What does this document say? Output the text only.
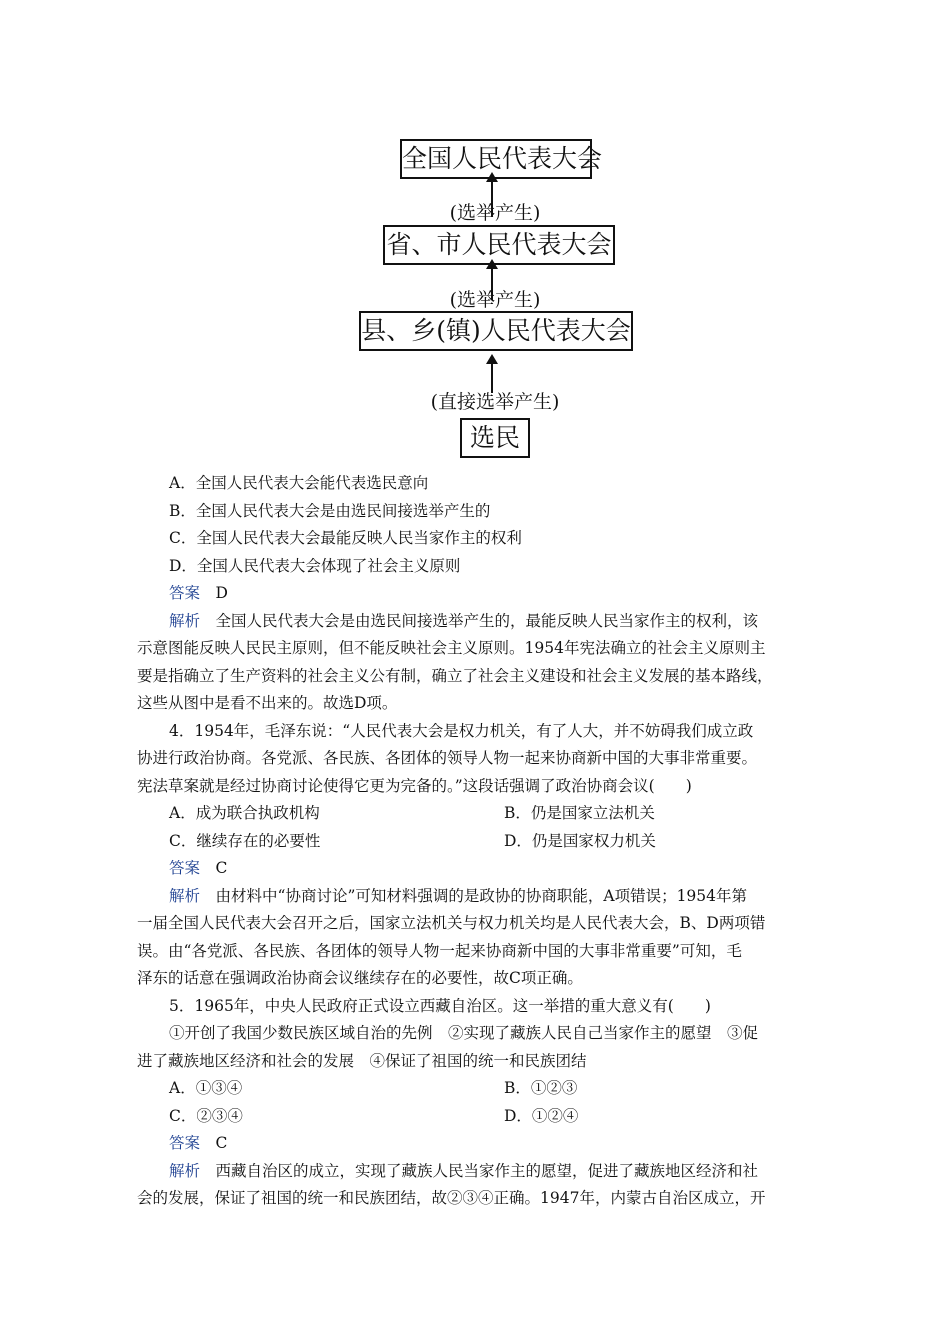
全国人民代表大会
(选举产生)
省、市人民代表大会
(选举产生)
县、乡(镇)人民代表大会
(直接选举产生)
选民
A．全国人民代表大会能代表选民意向
B．全国人民代表大会是由选民间接选举产生的
C．全国人民代表大会最能反映人民当家作主的权利
D．全国人民代表大会体现了社会主义原则
答案　 D
解析　 全国人民代表大会是由选民间接选举产生的，最能反映人民当家作主的权利，该
示意图能反映人民民主原则，但不能反映社会主义原则。1954年宪法确立的社会主义原则主
要是指确立了生产资料的社会主义公有制，确立了社会主义建设和社会主义发展的基本路线，
这些从图中是看不出来的。故选D项。
4．1954年，毛泽东说：“人民代表大会是权力机关，有了人大，并不妨碍我们成立政
协进行政治协商。各党派、各民族、各团体的领导人物一起来协商新中国的大事非常重要。
宪法草案就是经过协商讨论使得它更为完备的。”这段话强调了政治协商会议(　　)
A．成为联合执政机构	B．仍是国家立法机关
C．继续存在的必要性	D．仍是国家权力机关
答案　 C
解析　 由材料中“协商讨论”可知材料强调的是政协的协商职能，A项错误；1954年第
一届全国人民代表大会召开之后，国家立法机关与权力机关均是人民代表大会，B、D两项错
误。由“各党派、各民族、各团体的领导人物一起来协商新中国的大事非常重要”可知，毛
泽东的话意在强调政治协商会议继续存在的必要性，故C项正确。
5．1965年，中央人民政府正式设立西藏自治区。这一举措的重大意义有(　　)
①开创了我国少数民族区域自治的先例　②实现了藏族人民自己当家作主的愿望　③促
进了藏族地区经济和社会的发展　④保证了祖国的统一和民族团结
A．①③④	B．①②③
C．②③④	D．①②④
答案　 C
解析　 西藏自治区的成立，实现了藏族人民当家作主的愿望，促进了藏族地区经济和社
会的发展，保证了祖国的统一和民族团结，故②③④正确。1947年，内蒙古自治区成立，开
